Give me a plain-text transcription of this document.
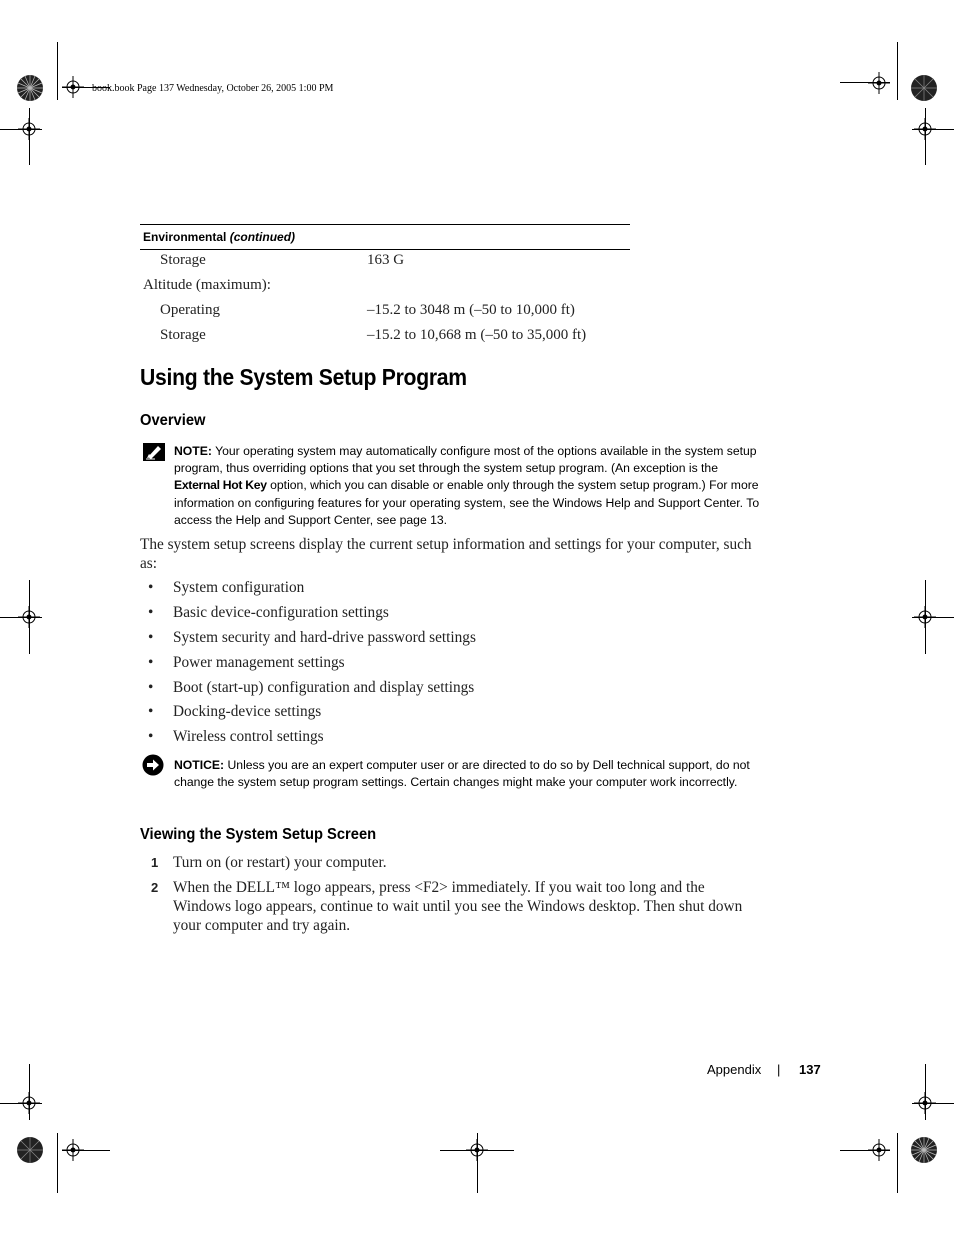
book.book Page 137 Wednesday, October 26, 2005 1:00 PM
Environmental (continued)
Storage	163 G
Altitude (maximum):
Operating	–15.2 to 3048 m (–50 to 10,000 ft)
Storage	–15.2 to 10,668 m (–50 to 35,000 ft)
Using the System Setup Program
Overview
NOTE: Your operating system may automatically configure most of the options available in the system setup program, thus overriding options that you set through the system setup program. (An exception is the External Hot Key option, which you can disable or enable only through the system setup program.) For more information on configuring features for your operating system, see the Windows Help and Support Center. To access the Help and Support Center, see page 13.
The system setup screens display the current setup information and settings for your computer, such as:
• System configuration
• Basic device-configuration settings
• System security and hard-drive password settings
• Power management settings
• Boot (start-up) configuration and display settings
• Docking-device settings
• Wireless control settings
NOTICE: Unless you are an expert computer user or are directed to do so by Dell technical support, do not change the system setup program settings. Certain changes might make your computer work incorrectly.
Viewing the System Setup Screen
1 Turn on (or restart) your computer.
2 When the DELL™ logo appears, press <F2> immediately. If you wait too long and the Windows logo appears, continue to wait until you see the Windows desktop. Then shut down your computer and try again.
Appendix | 137
